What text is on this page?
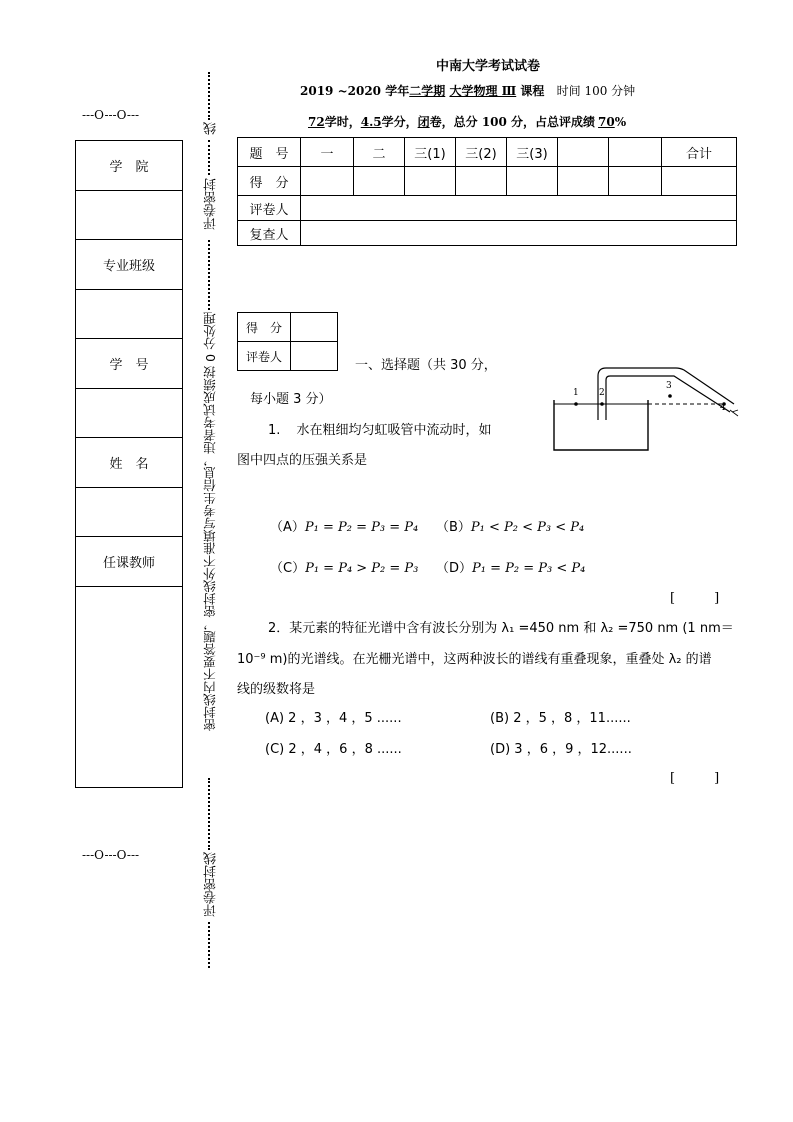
---O---O---
---O---O---
学　院

专业班级

学　号

姓　名

任课教师

线
评卷密封
密封线内不要答题，密封线外不准填写考生信息，违者考试成绩按 0 分处理
评卷密封线
中南大学考试试卷
2019 ~2020 学年二学期 大学物理 Ⅲ 课程 时间 100 分钟
72学时，4.5学分，闭卷，总分 100 分，占总评成绩 70%
题　号	一	二	三(1)	三(2)	三(3)			合计
得　分								
评卷人								
复查人								
得　分	
评卷人	
一、选择题（共 30 分，
每小题 3 分）
1. 水在粗细均匀虹吸管中流动时，如
图中四点的压强关系是
1 2
3
4
（A）P₁ = P₂ = P₃ = P₄ （B）P₁ < P₂ < P₃ < P₄
（C）P₁ = P₄ > P₂ = P₃ （D）P₁ = P₂ = P₃ < P₄
[　　　]
2．某元素的特征光谱中含有波长分别为 λ₁ =450 nm 和 λ₂ =750 nm (1 nm＝
10⁻⁹ m)的光谱线。在光栅光谱中，这两种波长的谱线有重叠现象，重叠处 λ₂ 的谱
线的级数将是
(A) 2 ，3 ，4 ，5 ......	(B) 2 ，5 ，8 ，11......
(C) 2 ，4 ，6 ，8 ......	(D) 3 ，6 ，9 ，12......
[　　　]
